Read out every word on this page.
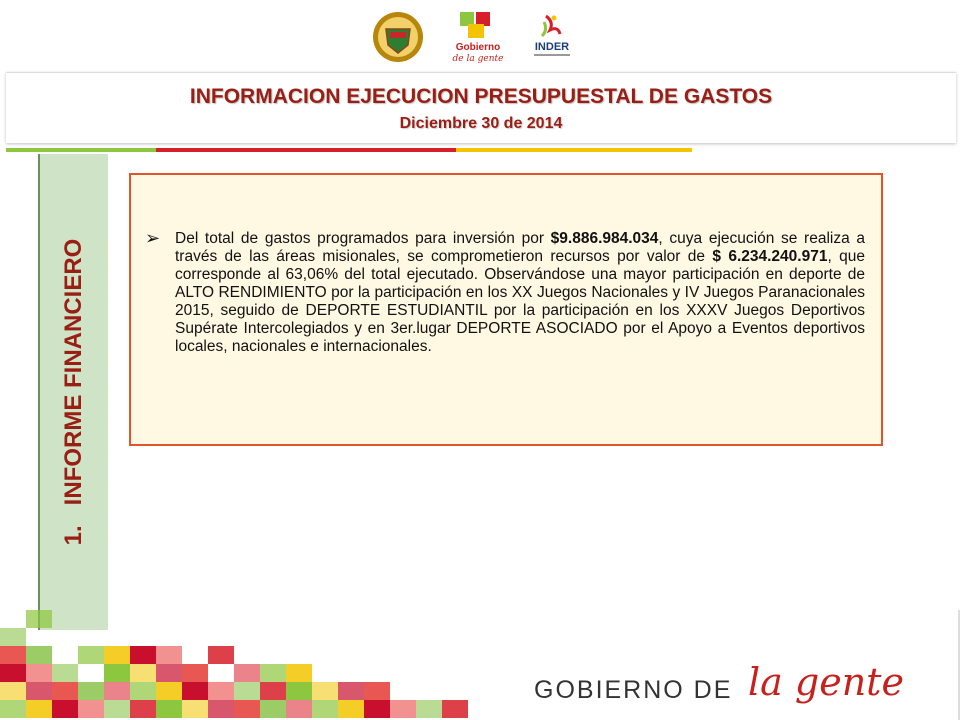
Gobierno
de la gente
INDER
INFORMACION EJECUCION PRESUPUESTAL DE GASTOS
Diciembre 30 de 2014
1.   INFORME FINANCIERO
➢ Del total de gastos programados para inversión por $9.886.984.034, cuya ejecución se realiza a través de las áreas misionales, se comprometieron recursos por valor de $ 6.234.240.971, que corresponde al 63,06% del total ejecutado. Observándose una mayor participación en deporte de ALTO RENDIMIENTO por la participación en los XX Juegos Nacionales y IV Juegos Paranacionales 2015, seguido de DEPORTE ESTUDIANTIL por la participación en los XXXV Juegos Deportivos Supérate Intercolegiados y en 3er.lugar DEPORTE ASOCIADO por el Apoyo a Eventos deportivos locales, nacionales e internacionales.
GOBIERNO DE la gente
